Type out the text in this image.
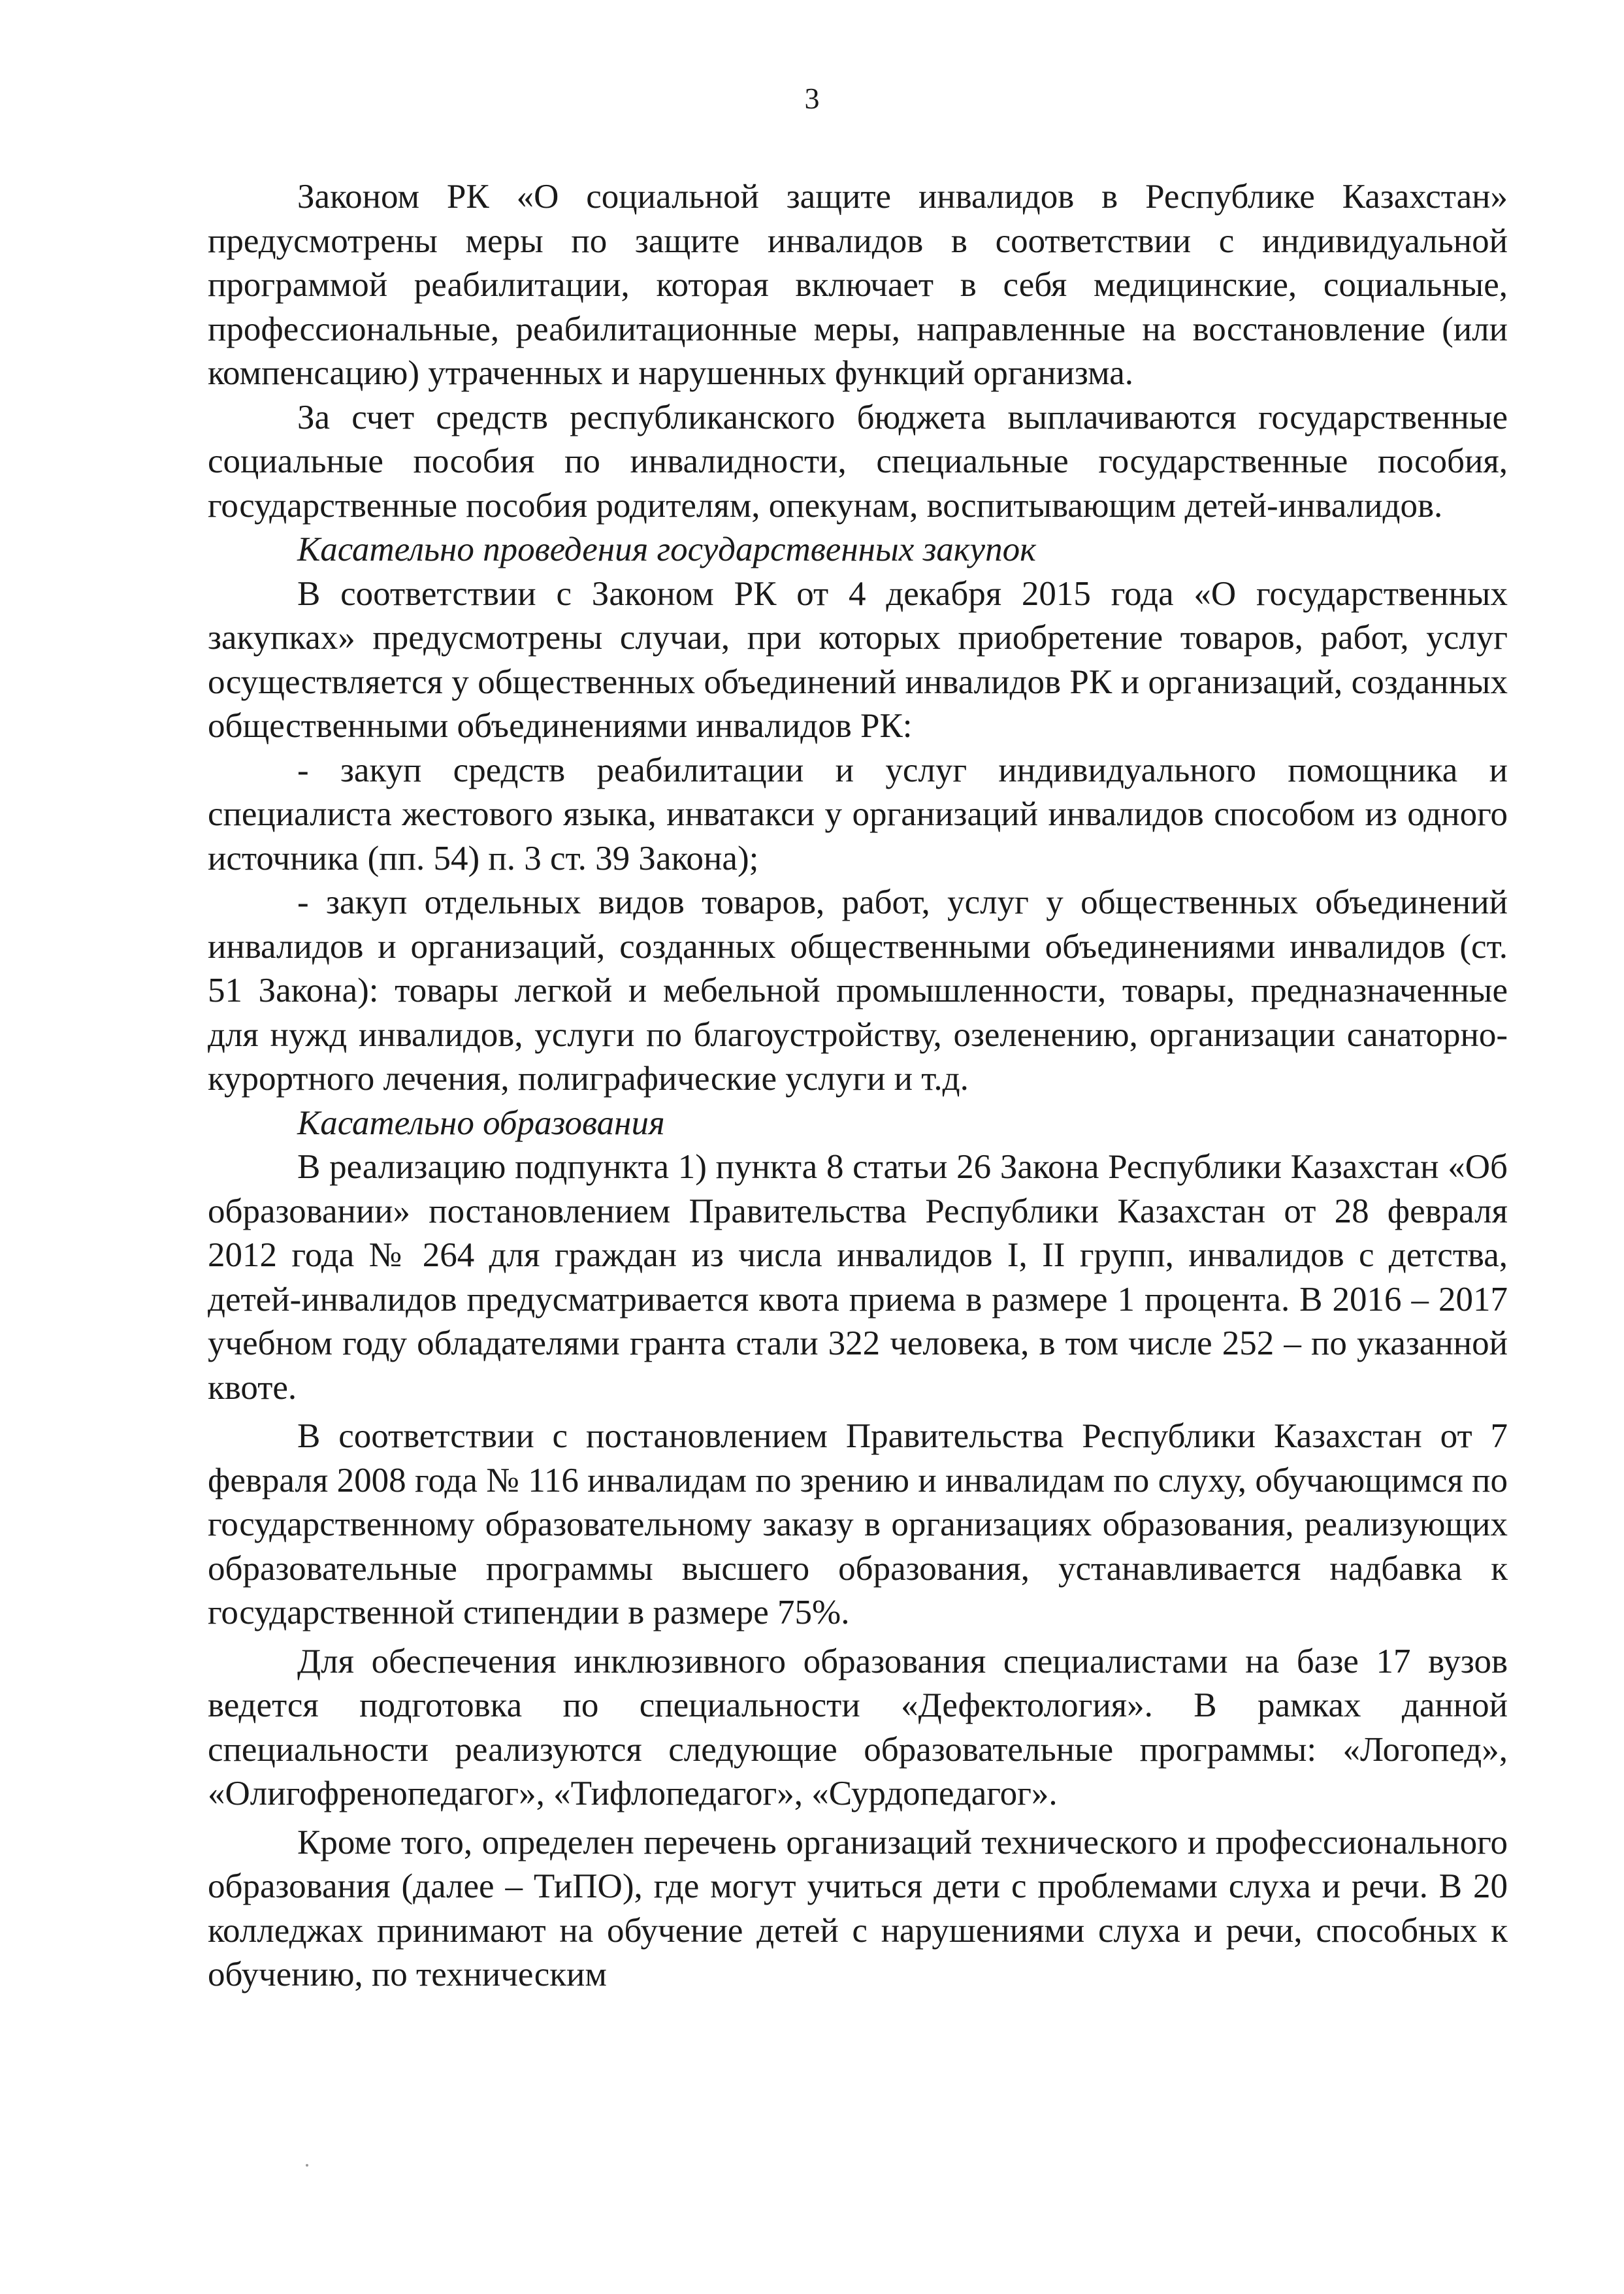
3

Законом РК «О социальной защите инвалидов в Республике Казахстан» предусмотрены меры по защите инвалидов в соответствии с индивидуальной программой реабилитации, которая включает в себя медицинские, социальные, профессиональные, реабилитационные меры, направленные на восстановление (или компенсацию) утраченных и нарушенных функций организма.

За счет средств республиканского бюджета выплачиваются государственные социальные пособия по инвалидности, специальные государственные пособия, государственные пособия родителям, опекунам, воспитывающим детей-инвалидов.

Касательно проведения государственных закупок

В соответствии с Законом РК от 4 декабря 2015 года «О государственных закупках» предусмотрены случаи, при которых приобретение товаров, работ, услуг осуществляется у общественных объединений инвалидов РК и организаций, созданных общественными объединениями инвалидов РК:

- закуп средств реабилитации и услуг индивидуального помощника и специалиста жестового языка, инватакси у организаций инвалидов способом из одного источника (пп. 54) п. 3 ст. 39 Закона);

- закуп отдельных видов товаров, работ, услуг у общественных объединений инвалидов и организаций, созданных общественными объединениями инвалидов (ст. 51 Закона): товары легкой и мебельной промышленности, товары, предназначенные для нужд инвалидов, услуги по благоустройству, озеленению, организации санаторно-курортного лечения, полиграфические услуги и т.д.

Касательно образования

В реализацию подпункта 1) пункта 8 статьи 26 Закона Республики Казахстан «Об образовании» постановлением Правительства Республики Казахстан от 28 февраля 2012 года № 264 для граждан из числа инвалидов I, II групп, инвалидов с детства, детей-инвалидов предусматривается квота приема в размере 1 процента. В 2016 – 2017 учебном году обладателями гранта стали 322 человека, в том числе 252 – по указанной квоте.

В соответствии с постановлением Правительства Республики Казахстан от 7 февраля 2008 года № 116 инвалидам по зрению и инвалидам по слуху, обучающимся по государственному образовательному заказу в организациях образования, реализующих образовательные программы высшего образования, устанавливается надбавка к государственной стипендии в размере 75%.

Для обеспечения инклюзивного образования специалистами на базе 17 вузов ведется подготовка по специальности «Дефектология». В рамках данной специальности реализуются следующие образовательные программы: «Логопед», «Олигофренопедагог», «Тифлопедагог», «Сурдопедагог».

Кроме того, определен перечень организаций технического и профессионального образования (далее – ТиПО), где могут учиться дети с проблемами слуха и речи. В 20 колледжах принимают на обучение детей с нарушениями слуха и речи, способных к обучению, по техническим
